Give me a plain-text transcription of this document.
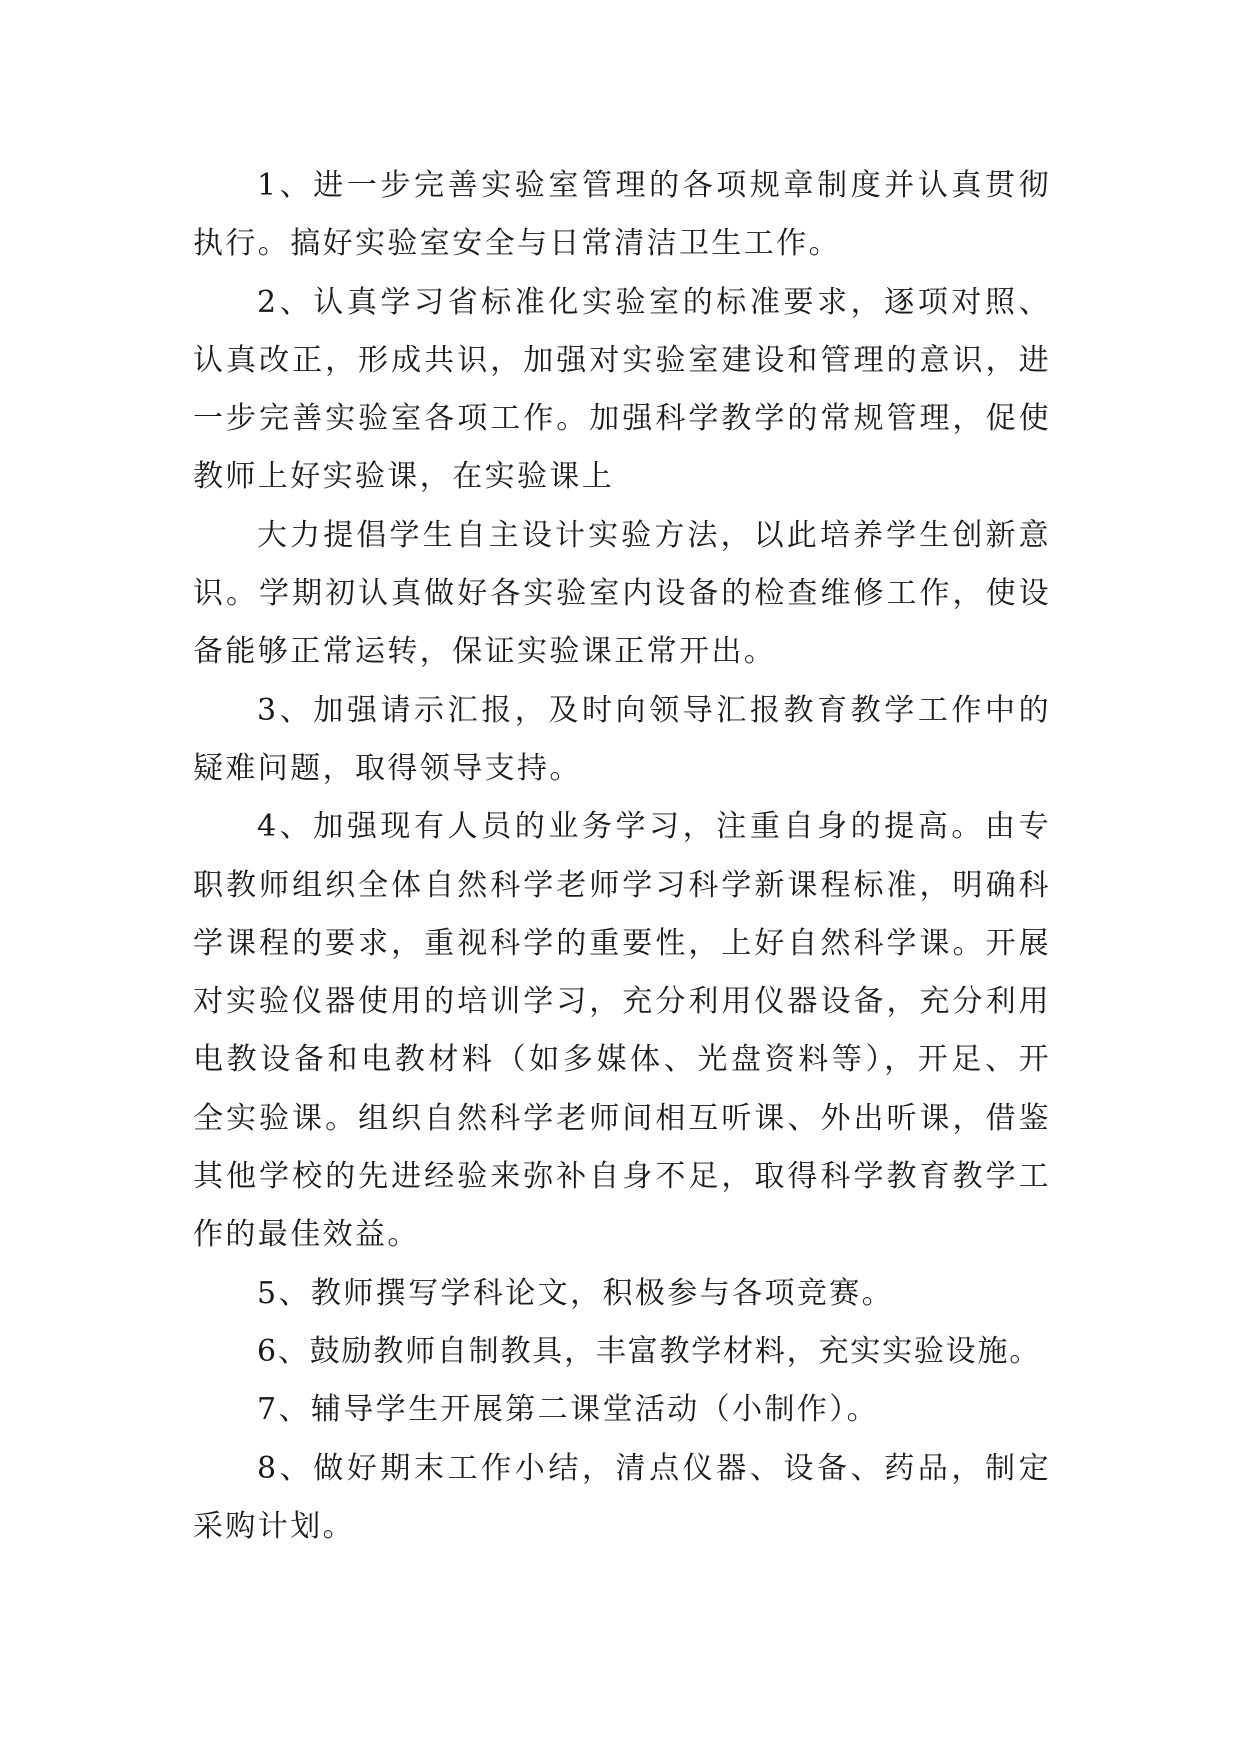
1、进一步完善实验室管理的各项规章制度并认真贯彻执行。搞好实验室安全与日常清洁卫生工作。

2、认真学习省标准化实验室的标准要求，逐项对照、认真改正，形成共识，加强对实验室建设和管理的意识，进一步完善实验室各项工作。加强科学教学的常规管理，促使教师上好实验课，在实验课上

大力提倡学生自主设计实验方法，以此培养学生创新意识。学期初认真做好各实验室内设备的检查维修工作，使设备能够正常运转，保证实验课正常开出。

3、加强请示汇报，及时向领导汇报教育教学工作中的疑难问题，取得领导支持。

4、加强现有人员的业务学习，注重自身的提高。由专职教师组织全体自然科学老师学习科学新课程标准，明确科学课程的要求，重视科学的重要性，上好自然科学课。开展对实验仪器使用的培训学习，充分利用仪器设备，充分利用电教设备和电教材料（如多媒体、光盘资料等），开足、开全实验课。组织自然科学老师间相互听课、外出听课，借鉴其他学校的先进经验来弥补自身不足，取得科学教育教学工作的最佳效益。

5、教师撰写学科论文，积极参与各项竞赛。

6、鼓励教师自制教具，丰富教学材料，充实实验设施。

7、辅导学生开展第二课堂活动（小制作）。

8、做好期末工作小结，清点仪器、设备、药品，制定采购计划。
